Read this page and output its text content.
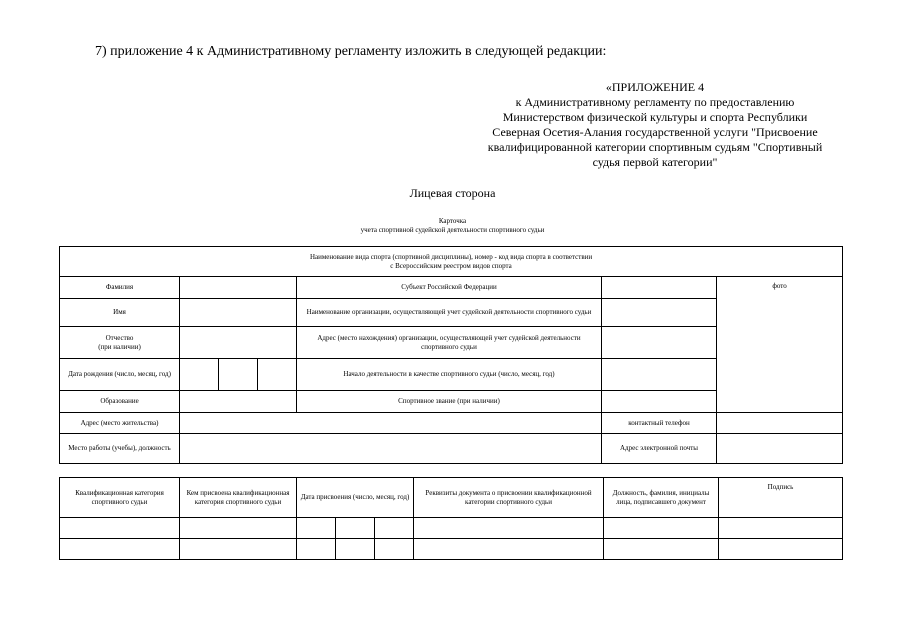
7) приложение 4 к Административному регламенту изложить в следующей редакции:
«ПРИЛОЖЕНИЕ 4
к Административному регламенту по предоставлению
Министерством физической культуры и спорта Республики
Северная Осетия-Алания государственной услуги "Присвоение
квалифицированной категории спортивным судьям "Спортивный
судья первой категории"
Лицевая сторона
Карточка
учета спортивной судейской деятельности спортивного судьи
Наименование вида спорта (спортивной дисциплины), номер - код вида спорта в соответствии
с Всероссийским реестром видов спорта						

Фамилия				Субъект Российской Федерации		фото
Имя				Наименование организации, осуществляющей учет судейской деятельности спортивного судьи		

Отчество
(при наличии)				Адрес (место нахождения) организации, осуществляющей учет судейской деятельности спортивного судьи		
Дата рождения (число, месяц, год)				Начало деятельности в качестве спортивного судьи (число, месяц, год)		
Образование				Спортивное звание (при наличии)		
Адрес (место жительства)					контактный телефон	
Место работы (учебы), должность					Адрес электронной почты	
Квалификационная категория спортивного судьи	Кем присвоена квалификационная категория спортивного судьи	Дата присвоения (число, месяц, год)			Реквизиты документа о присвоении квалификационной категории спортивного судьи	Должность, фамилия, инициалы лица, подписавшего документ	Подпись
